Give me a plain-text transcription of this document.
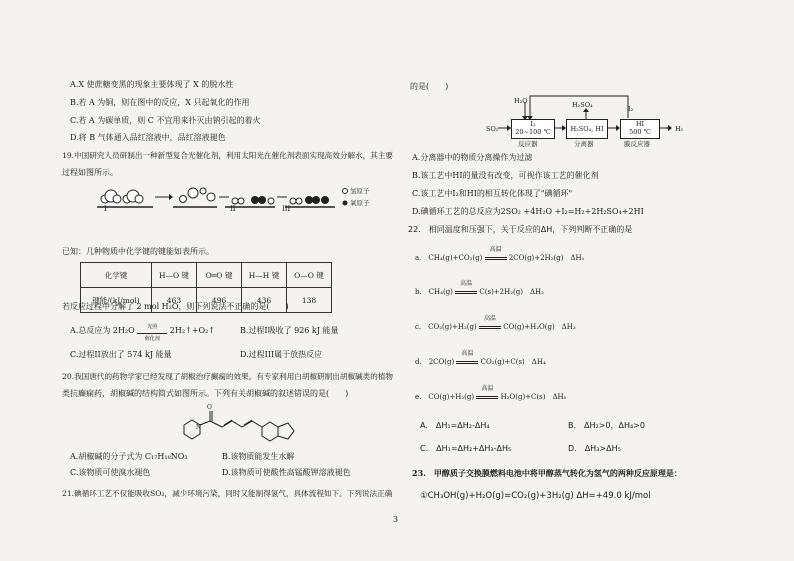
A.X 使蔗糖变黑的现象主要体现了 X 的脱水性
B.若 A 为铜，则在图中的反应，X 只起氧化的作用
C.若 A 为碳单质，则 C 不宜用来扑灭由钠引起的着火
D.将 B 气体通入品红溶液中，品红溶液褪色
19.中国研究人员研制出一种新型复合光催化剂，利用太阳光在催化剂表面实现高效分解水，其主要
过程如图所示。
I	II	III
氢原子
氧原子
已知：几种物质中化学键的键能如表所示。
化学键	H—O 键	O═O 键	H—H 键	O—O 键
键能/(kJ/mol)	463	496	436	138
若反应过程中分解了 2 mol H₂O，则下列说法不正确的是(　　)
A.总反应为 2H₂O	光照
催化剂
2H₂↑+O₂↑	B.过程I吸收了 926 kJ 能量
C.过程II放出了 574 kJ 能量	D.过程III属于放热反应
20.我国唐代的药物学家已经发现了胡椒治疗癫痫的效果。有专家利用白胡椒研制出胡椒碱类的植物
类抗癫痫药，胡椒碱的结构简式如图所示。下列有关胡椒碱的叙述错误的是(　　)
O
N
A.胡椒碱的分子式为 C₁₇H₁₈NO₃	B.该物质能发生水解
C.该物质可使溴水褪色	D.该物质可使酸性高锰酸钾溶液褪色
21.碘循环工艺不仅能吸收SO₂，减少环境污染，同时又能制得氢气，具体流程如下。下列说法正确
的是(　　)
H₂O	H₂SO₄	I₂
SO₂	H₂
I₂
20~100 ℃	H₂SO₄, HI
HI
500 ℃
反应器	分离器	膜反应器
A.分离器中的物质分离操作为过滤
B.该工艺中HI的量没有改变，可视作该工艺的催化剂
C.该工艺中I₂和HI的相互转化体现了"碘循环"
D.碘循环工艺的总反应为2SO₂ +4H₂O +I₂=H₂+2H₂SO₄+2HI
22.　相同温度和压强下，关于反应的ΔH，下列判断不正确的是
a.　CH₄(g)+CO₂(g)
高温
2CO(g)+2H₂(g)　ΔH₁
b.　CH₄(g)
高温
C(s)+2H₂(g)　ΔH₂
c.　CO₂(g)+H₂(g)
高温
CO(g)+H₂O(g)　ΔH₃
d.　2CO(g)
高温
CO₂(g)+C(s)　ΔH₄
e.　CO(g)+H₂(g)
高温
H₂O(g)+C(s)　ΔH₅
A.　ΔH₁=ΔH₂-ΔH₄	B.　ΔH₂>0，ΔH₄>0
C.　ΔH₁=ΔH₂+ΔH₃-ΔH₅	D.　ΔH₃>ΔH₅
23.　甲醇质子交换膜燃料电池中将甲醇蒸气转化为氢气的两种反应原理是：
①CH₃OH(g)+H₂O(g)=CO₂(g)+3H₂(g) ΔH=+49.0 kJ/mol
3
